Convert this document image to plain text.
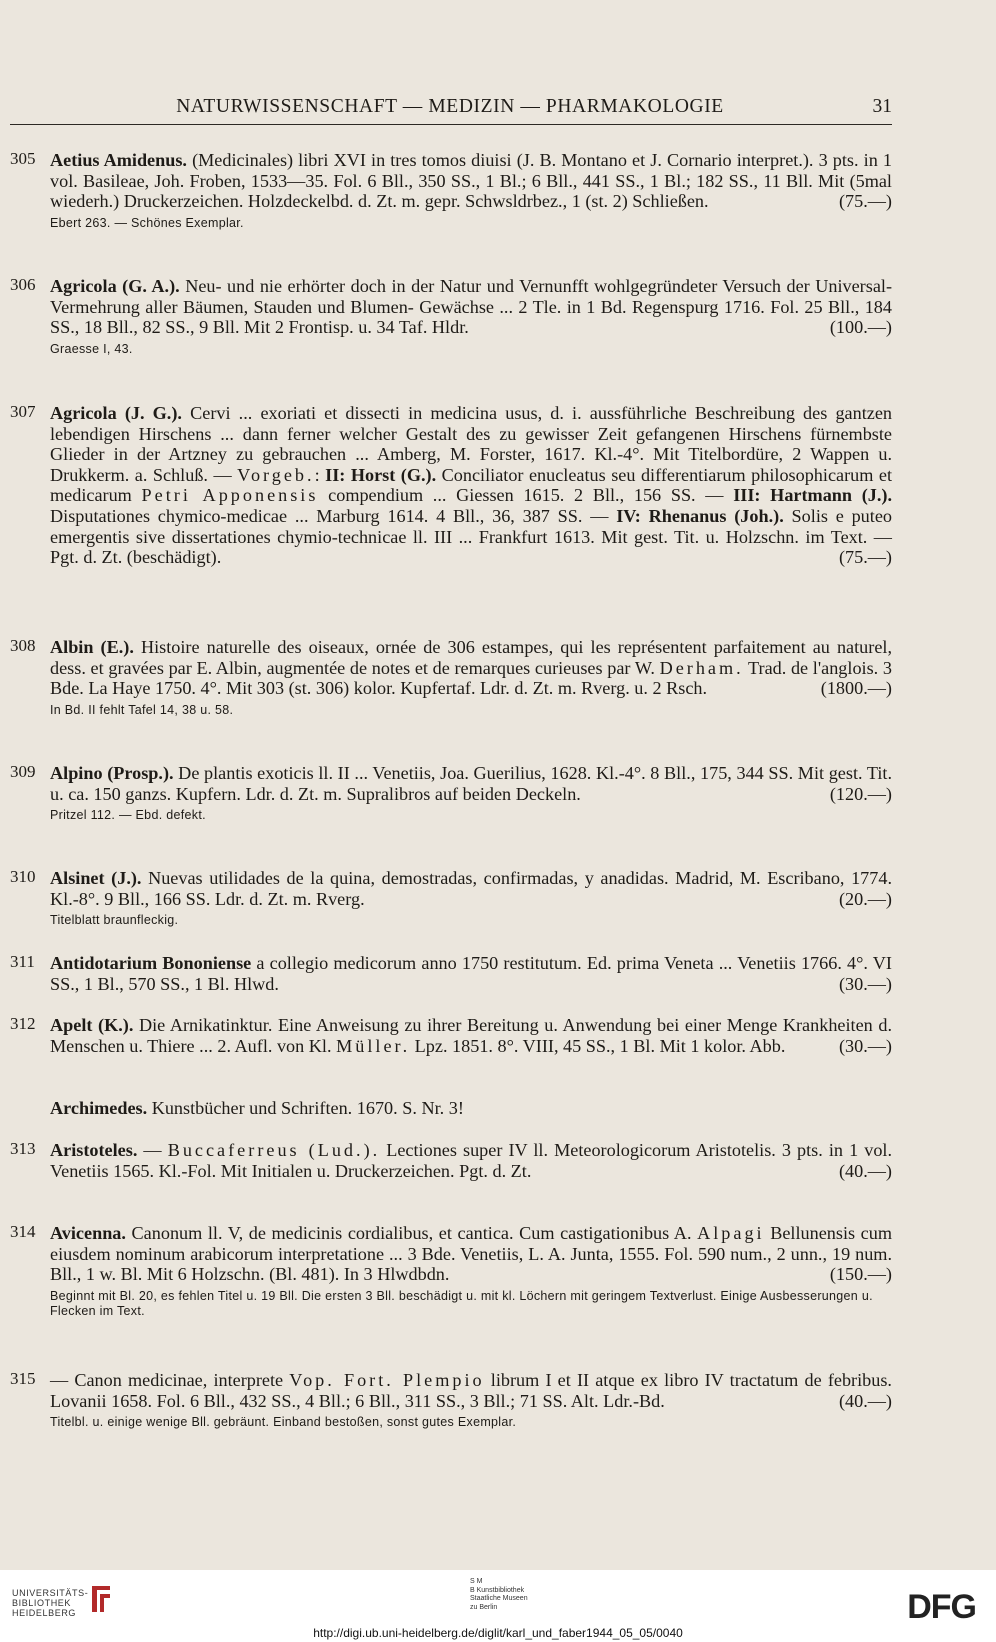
NATURWISSENSCHAFT — MEDIZIN — PHARMAKOLOGIE	31
305 Aetius Amidenus. (Medicinales) libri XVI in tres tomos diuisi (J. B. Montano et J. Cornario interpret.). 3 pts. in 1 vol. Basileae, Joh. Froben, 1533—35. Fol. 6 Bll., 350 SS., 1 Bl.; 6 Bll., 441 SS., 1 Bl.; 182 SS., 11 Bll. Mit (5mal wiederh.) Druckerzeichen. Holzdeckelbd. d. Zt. m. gepr. Schwsldrbez., 1 (st. 2) Schließen.	(75.—)
Ebert 263. — Schönes Exemplar.
306 Agricola (G. A.). Neu- und nie erhörter doch in der Natur und Vernunfft wohlgegründeter Versuch der Universal-Vermehrung aller Bäumen, Stauden und Blumen- Gewächse ... 2 Tle. in 1 Bd. Regenspurg 1716. Fol. 25 Bll., 184 SS., 18 Bll., 82 SS., 9 Bll. Mit 2 Frontisp. u. 34 Taf. Hldr.	(100.—)
Graesse I, 43.
307 Agricola (J. G.). Cervi ... exoriati et dissecti in medicina usus, d. i. aussführliche Beschreibung des gantzen lebendigen Hirschens ... dann ferner welcher Gestalt des zu gewisser Zeit gefangenen Hirschens fürnembste Glieder in der Artzney zu gebrauchen ... Amberg, M. Forster, 1617. Kl.-4°. Mit Titelbordüre, 2 Wappen u. Drukkerm. a. Schluß. — Vorgeb.: II: Horst (G.). Conciliator enucleatus seu differentiarum philosophicarum et medicarum Petri Apponensis compendium ... Giessen 1615. 2 Bll., 156 SS. — III: Hartmann (J.). Disputationes chymico-medicae ... Marburg 1614. 4 Bll., 36, 387 SS. — IV: Rhenanus (Joh.). Solis e puteo emergentis sive dissertationes chymio-technicae ll. III ... Frankfurt 1613. Mit gest. Tit. u. Holzschn. im Text. — Pgt. d. Zt. (beschädigt).	(75.—)
308 Albin (E.). Histoire naturelle des oiseaux, ornée de 306 estampes, qui les représentent parfaitement au naturel, dess. et gravées par E. Albin, augmentée de notes et de remarques curieuses par W. Derham. Trad. de l'anglois. 3 Bde. La Haye 1750. 4°. Mit 303 (st. 306) kolor. Kupfertaf. Ldr. d. Zt. m. Rverg. u. 2 Rsch.	(1800.—)
In Bd. II fehlt Tafel 14, 38 u. 58.
309 Alpino (Prosp.). De plantis exoticis ll. II ... Venetiis, Joa. Guerilius, 1628. Kl.-4°. 8 Bll., 175, 344 SS. Mit gest. Tit. u. ca. 150 ganzs. Kupfern. Ldr. d. Zt. m. Supralibros auf beiden Deckeln.	(120.—)
Pritzel 112. — Ebd. defekt.
310 Alsinet (J.). Nuevas utilidades de la quina, demostradas, confirmadas, y anadidas. Madrid, M. Escribano, 1774. Kl.-8°. 9 Bll., 166 SS. Ldr. d. Zt. m. Rverg.	(20.—)
Titelblatt braunfleckig.
311 Antidotarium Bononiense a collegio medicorum anno 1750 restitutum. Ed. prima Veneta ... Venetiis 1766. 4°. VI SS., 1 Bl., 570 SS., 1 Bl. Hlwd.	(30.—)
312 Apelt (K.). Die Arnikatinktur. Eine Anweisung zu ihrer Bereitung u. Anwendung bei einer Menge Krankheiten d. Menschen u. Thiere ... 2. Aufl. von Kl. Müller. Lpz. 1851. 8°. VIII, 45 SS., 1 Bl. Mit 1 kolor. Abb.	(30.—)
Archimedes. Kunstbücher und Schriften. 1670. S. Nr. 3!
313 Aristoteles. — Buccaferreus (Lud.). Lectiones super IV ll. Meteorologicorum Aristotelis. 3 pts. in 1 vol. Venetiis 1565. Kl.-Fol. Mit Initialen u. Druckerzeichen. Pgt. d. Zt.	(40.—)
314 Avicenna. Canonum ll. V, de medicinis cordialibus, et cantica. Cum castigationibus A. Alpagi Bellunensis cum eiusdem nominum arabicorum interpretatione ... 3 Bde. Venetiis, L. A. Junta, 1555. Fol. 590 num., 2 unn., 19 num. Bll., 1 w. Bl. Mit 6 Holzschn. (Bl. 481). In 3 Hlwdbdn.	(150.—)
Beginnt mit Bl. 20, es fehlen Titel u. 19 Bll. Die ersten 3 Bll. beschädigt u. mit kl. Löchern mit geringem Textverlust. Einige Ausbesserungen u. Flecken im Text.
315 — Canon medicinae, interprete Vop. Fort. Plempio librum I et II atque ex libro IV tractatum de febribus. Lovanii 1658. Fol. 6 Bll., 432 SS., 4 Bll.; 6 Bll., 311 SS., 3 Bll.; 71 SS. Alt. Ldr.-Bd.	(40.—)
Titelbl. u. einige wenige Bll. gebräunt. Einband bestoßen, sonst gutes Exemplar.
UNIVERSITÄTS-
BIBLIOTHEK
HEIDELBERG
S M
B Kunstbibliothek
Staatliche Museen
zu Berlin	DFG
http://digi.ub.uni-heidelberg.de/diglit/karl_und_faber1944_05_05/0040
